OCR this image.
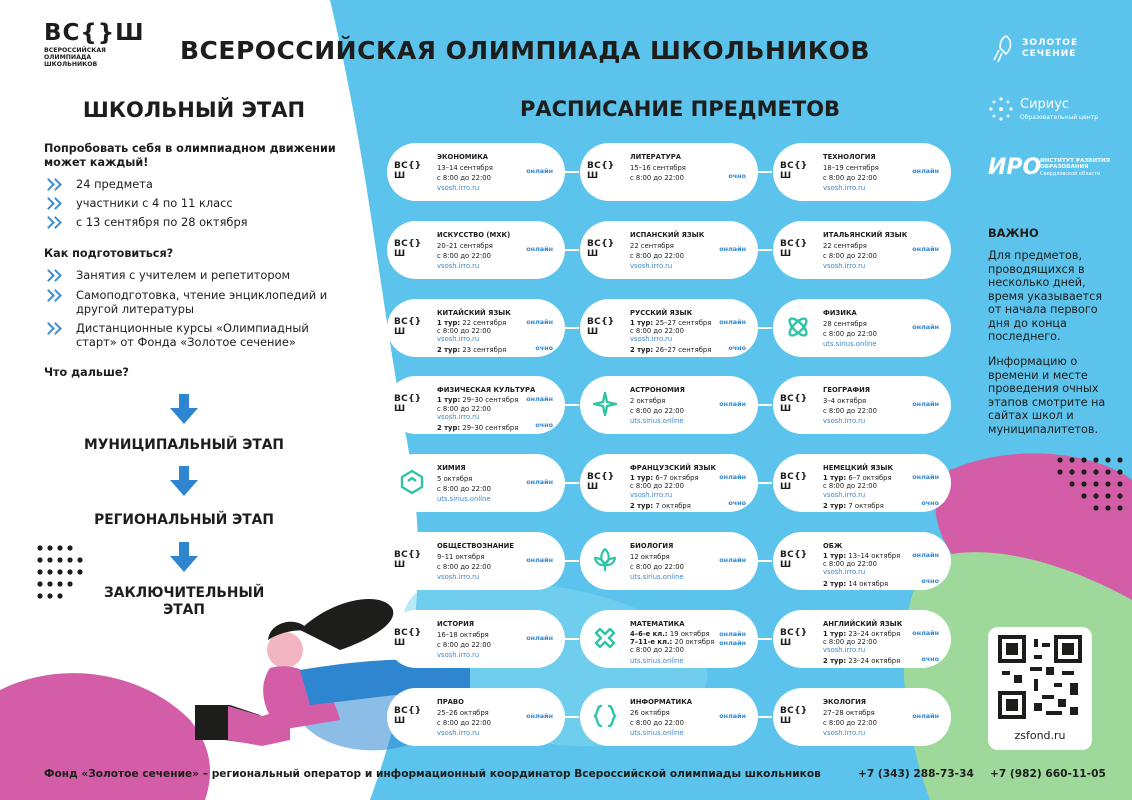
ВС{}Ш
ВСЕРОССИЙСКАЯ
ОЛИМПИАДА
ШКОЛЬНИКОВ	ВСЕРОССИЙСКАЯ ОЛИМПИАДА ШКОЛЬНИКОВ	ЗОЛОТОЕ
СЕЧЕНИЕ
Сириус
Образовательный центр
ИРО
ИНСТИТУТ РАЗВИТИЯ
ОБРАЗОВАНИЯ
Свердловской области
ШКОЛЬНЫЙ ЭТАП
Попробовать себя в олимпиадном движении может каждый!
24 предмета
участники с 4 по 11 класс
с 13 сентября по 28 октября
Как подготовиться?
Занятия с учителем и репетитором
Самоподготовка, чтение энциклопедий и другой литературы
Дистанционные курсы «Олимпиадный старт» от Фонда «Золотое сечение»
Что дальше?
МУНИЦИПАЛЬНЫЙ ЭТАП
РЕГИОНАЛЬНЫЙ ЭТАП
ЗАКЛЮЧИТЕЛЬНЫЙ ЭТАП
РАСПИСАНИЕ ПРЕДМЕТОВ
ВС{}Ш
ЭКОНОМИКА
13–14 сентября
с 8:00 до 22:00
vsosh.irro.ru
онлайн	ВС{}Ш
ЛИТЕРАТУРА
15–16 сентября
с 8:00 до 22:00	очно
ВС{}Ш
ТЕХНОЛОГИЯ
18–19 сентября
с 8:00 до 22:00
vsosh.irro.ru
онлайн
ВС{}Ш
ИСКУССТВО (МХК)
20–21 сентября
с 8:00 до 22:00
vsosh.irro.ru
онлайн	ВС{}Ш
ИСПАНСКИЙ ЯЗЫК
22 сентября
с 8:00 до 22:00
vsosh.irro.ru
онлайн	ВС{}Ш
ИТАЛЬЯНСКИЙ ЯЗЫК
22 сентября
с 8:00 до 22:00
vsosh.irro.ru
онлайн
ВС{}Ш
КИТАЙСКИЙ ЯЗЫК
1 тур: 22 сентября
с 8:00 до 22:00
vsosh.irro.ru
2 тур: 23 сентября
онлайн
очно
ВС{}Ш
РУССКИЙ ЯЗЫК
1 тур: 25–27 сентября
с 8:00 до 22:00
vsosh.irro.ru
2 тур: 26–27 сентября
онлайн
очно
ФИЗИКА
28 сентября
с 8:00 до 22:00
uts.sirius.online
онлайн
ВС{}Ш
ФИЗИЧЕСКАЯ КУЛЬТУРА
1 тур: 29–30 сентября
с 8:00 до 22:00
vsosh.irro.ru
2 тур: 29–30 сентября
онлайн
очно
АСТРОНОМИЯ
2 октября
с 8:00 до 22:00
uts.sirius.online
онлайн	ВС{}Ш
ГЕОГРАФИЯ
3–4 октября
с 8:00 до 22:00
vsosh.irro.ru
онлайн
ХИМИЯ
5 октября
с 8:00 до 22:00
uts.sirius.online
онлайн	ВС{}Ш
ФРАНЦУЗСКИЙ ЯЗЫК
1 тур: 6–7 октября
с 8:00 до 22:00
vsosh.irro.ru
2 тур: 7 октября
онлайн
очно
ВС{}Ш
НЕМЕЦКИЙ ЯЗЫК
1 тур: 6–7 октября
с 8:00 до 22:00
vsosh.irro.ru
2 тур: 7 октября
онлайн
очно
ВС{}Ш
ОБЩЕСТВОЗНАНИЕ
9–11 октября
с 8:00 до 22:00
vsosh.irro.ru
онлайн
БИОЛОГИЯ
12 октября
с 8:00 до 22:00
uts.sirius.online
онлайн	ВС{}Ш
ОБЖ
1 тур: 13–14 октября
с 8:00 до 22:00
vsosh.irro.ru
2 тур: 14 октября
онлайн
очно
ВС{}Ш
ИСТОРИЯ
16–18 октября
с 8:00 до 22:00
vsosh.irro.ru
онлайн
МАТЕМАТИКА
4–6-е кл.: 19 октября
7–11-е кл.: 20 октября
с 8:00 до 22:00
uts.sirius.online
онлайн
онлайн
ВС{}Ш
АНГЛИЙСКИЙ ЯЗЫК
1 тур: 23–24 октября
с 8:00 до 22:00
vsosh.irro.ru
2 тур: 23–24 октября
онлайн
очно
ВС{}Ш
ПРАВО
25–26 октября
с 8:00 до 22:00
vsosh.irro.ru
онлайн
ИНФОРМАТИКА
26 октября
с 8:00 до 22:00
uts.sirius.online
онлайн	ВС{}Ш
ЭКОЛОГИЯ
27–28 октября
с 8:00 до 22:00
vsosh.irro.ru
онлайн
ВАЖНО
Для предметов, проводящихся в несколько дней, время указывается от начала первого дня до конца последнего.
Информацию о времени и месте проведения очных этапов смотрите на сайтах школ и муниципалитетов.
zsfond.ru
Фонд «Золотое сечение» – региональный оператор и информационный координатор Всероссийской олимпиады школьников	+7 (343) 288-73-34 +7 (982) 660-11-05
